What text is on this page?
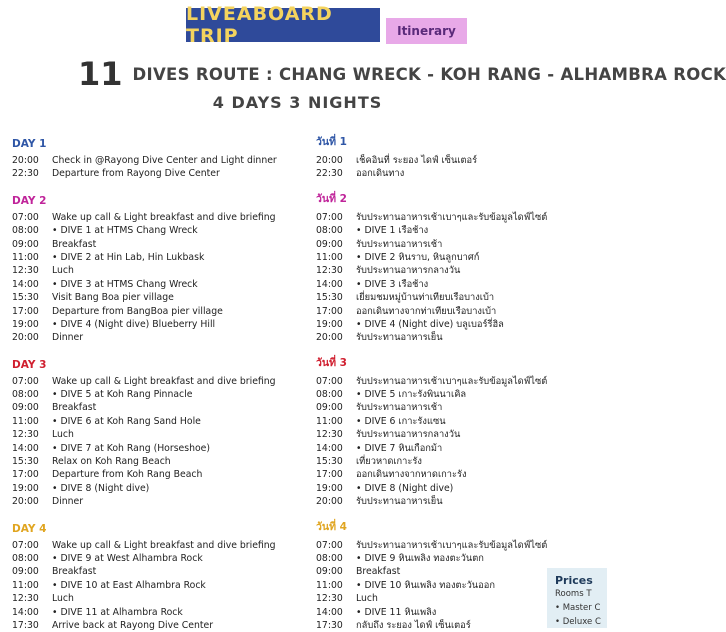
LIVEABOARD TRIP	Itinerary
11 DIVES ROUTE : CHANG WRECK - KOH RANG - ALHAMBRA ROCK
4 DAYS 3 NIGHTS
DAY 1
20:00	Check in @Rayong Dive Center and Light dinner
22:30	Departure from Rayong Dive Center
DAY 2
07:00	Wake up call & Light breakfast and dive briefing
08:00	• DIVE 1 at HTMS Chang Wreck
09:00	Breakfast
11:00	• DIVE 2 at Hin Lab, Hin Lukbask
12:30	Luch
14:00	• DIVE 3 at HTMS Chang Wreck
15:30	Visit Bang Boa pier village
17:00	Departure from BangBoa pier village
19:00	• DIVE 4 (Night dive) Blueberry Hill
20:00	Dinner
DAY 3
07:00	Wake up call & Light breakfast and dive briefing
08:00	• DIVE 5 at Koh Rang Pinnacle
09:00	Breakfast
11:00	• DIVE 6 at Koh Rang Sand Hole
12:30	Luch
14:00	• DIVE 7 at Koh Rang (Horseshoe)
15:30	Relax on Koh Rang Beach
17:00	Departure from Koh Rang Beach
19:00	• DIVE 8 (Night dive)
20:00	Dinner
DAY 4
07:00	Wake up call & Light breakfast and dive briefing
08:00	• DIVE 9 at West Alhambra Rock
09:00	Breakfast
11:00	• DIVE 10 at East Alhambra Rock
12:30	Luch
14:00	• DIVE 11 at Alhambra Rock
17:30	Arrive back at Rayong Dive Center
วันที่ 1
20:00	เช็คอินที่ ระยอง ไดฟ์ เซ็นเตอร์
22:30	ออกเดินทาง
วันที่ 2
07:00	รับประทานอาหารเช้าเบาๆและรับข้อมูลไดฟ์ไซต์
08:00	• DIVE 1 เรือช้าง
09:00	รับประทานอาหารเช้า
11:00	• DIVE 2 หินราบ, หินลูกบาศก์
12:30	รับประทานอาหารกลางวัน
14:00	• DIVE 3 เรือช้าง
15:30	เยี่ยมชมหมู่บ้านท่าเทียบเรือบางเบ้า
17:00	ออกเดินทางจากท่าเทียบเรือบางเบ้า
19:00	• DIVE 4 (Night dive) บลูเบอร์รี่ฮิล
20:00	รับประทานอาหารเย็น
วันที่ 3
07:00	รับประทานอาหารเช้าเบาๆและรับข้อมูลไดฟ์ไซต์
08:00	• DIVE 5 เกาะรังพินนาเคิล
09:00	รับประทานอาหารเช้า
11:00	• DIVE 6 เกาะรังแซน
12:30	รับประทานอาหารกลางวัน
14:00	• DIVE 7 หินเกือกม้า
15:30	เที่ยวหาดเกาะรัง
17:00	ออกเดินทางจากหาดเกาะรัง
19:00	• DIVE 8 (Night dive)
20:00	รับประทานอาหารเย็น
วันที่ 4
07:00	รับประทานอาหารเช้าเบาๆและรับข้อมูลไดฟ์ไซต์
08:00	• DIVE 9 หินเพลิง ทองตะวันตก
09:00	Breakfast
11:00	• DIVE 10 หินเพลิง ทองตะวันออก
12:30	Luch
14:00	• DIVE 11 หินเพลิง
17:30	กลับถึง ระยอง ไดฟ์ เซ็นเตอร์
Prices
Rooms T
• Master C
• Deluxe C
